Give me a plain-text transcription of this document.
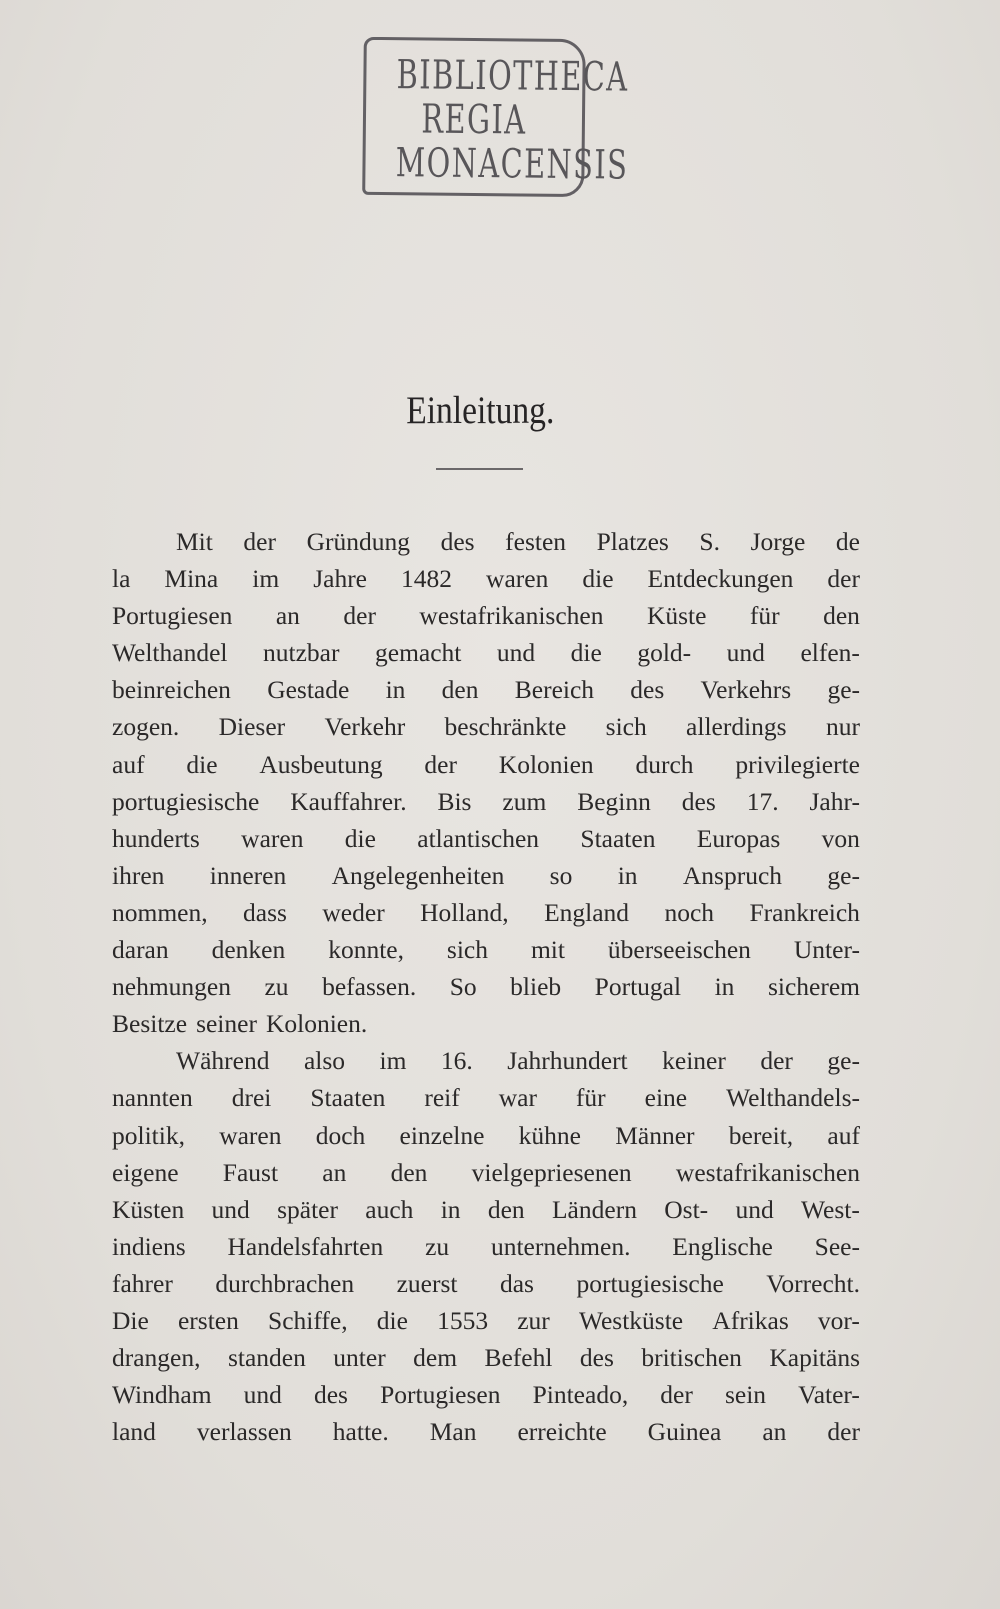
BIBLIOTHECA
REGIA
MONACENSIS
Einleitung.
Mit der Gründung des festen Platzes S. Jorge de
la Mina im Jahre 1482 waren die Entdeckungen der
Portugiesen an der westafrikanischen Küste für den
Welthandel nutzbar gemacht und die gold- und elfen-
beinreichen Gestade in den Bereich des Verkehrs ge-
zogen. Dieser Verkehr beschränkte sich allerdings nur
auf die Ausbeutung der Kolonien durch privilegierte
portugiesische Kauffahrer. Bis zum Beginn des 17. Jahr-
hunderts waren die atlantischen Staaten Europas von
ihren inneren Angelegenheiten so in Anspruch ge-
nommen, dass weder Holland, England noch Frankreich
daran denken konnte, sich mit überseeischen Unter-
nehmungen zu befassen. So blieb Portugal in sicherem
Besitze seiner Kolonien.
Während also im 16. Jahrhundert keiner der ge-
nannten drei Staaten reif war für eine Welthandels-
politik, waren doch einzelne kühne Männer bereit, auf
eigene Faust an den vielgepriesenen westafrikanischen
Küsten und später auch in den Ländern Ost- und West-
indiens Handelsfahrten zu unternehmen. Englische See-
fahrer durchbrachen zuerst das portugiesische Vorrecht.
Die ersten Schiffe, die 1553 zur Westküste Afrikas vor-
drangen, standen unter dem Befehl des britischen Kapitäns
Windham und des Portugiesen Pinteado, der sein Vater-
land verlassen hatte. Man erreichte Guinea an der
